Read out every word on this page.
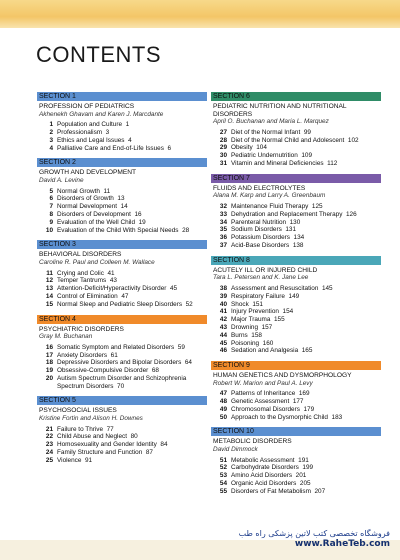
CONTENTS
SECTION 1
PROFESSION OF PEDIATRICS
Akhenekh Ghavam and Karen J. Marcdante
1 Population and Culture 1
2 Professionalism 3
3 Ethics and Legal Issues 4
4 Palliative Care and End-of-Life Issues 6
SECTION 2
GROWTH AND DEVELOPMENT
David A. Levine
5 Normal Growth 11
6 Disorders of Growth 13
7 Normal Development 14
8 Disorders of Development 16
9 Evaluation of the Well Child 19
10 Evaluation of the Child With Special Needs 28
SECTION 3
BEHAVIORAL DISORDERS
Caroline R. Paul and Colleen M. Wallace
11 Crying and Colic 41
12 Temper Tantrums 43
13 Attention-Deficit/Hyperactivity Disorder 45
14 Control of Elimination 47
15 Normal Sleep and Pediatric Sleep Disorders 52
SECTION 4
PSYCHIATRIC DISORDERS
Gray M. Buchanan
16 Somatic Symptom and Related Disorders 59
17 Anxiety Disorders 61
18 Depressive Disorders and Bipolar Disorders 64
19 Obsessive-Compulsive Disorder 68
20 Autism Spectrum Disorder and Schizophrenia Spectrum Disorders 70
SECTION 5
PSYCHOSOCIAL ISSUES
Kristine Fortin and Alison H. Downes
21 Failure to Thrive 77
22 Child Abuse and Neglect 80
23 Homosexuality and Gender Identity 84
24 Family Structure and Function 87
25 Violence 91
SECTION 6
PEDIATRIC NUTRITION AND NUTRITIONAL DISORDERS
April O. Buchanan and Maria L. Marquez
27 Diet of the Normal Infant 99
28 Diet of the Normal Child and Adolescent 102
29 Obesity 104
30 Pediatric Undernutrition 109
31 Vitamin and Mineral Deficiencies 112
SECTION 7
FLUIDS AND ELECTROLYTES
Alana M. Karp and Larry A. Greenbaum
32 Maintenance Fluid Therapy 125
33 Dehydration and Replacement Therapy 126
34 Parenteral Nutrition 130
35 Sodium Disorders 131
36 Potassium Disorders 134
37 Acid-Base Disorders 138
SECTION 8
ACUTELY ILL OR INJURED CHILD
Tara L. Petersen and K. Jane Lee
38 Assessment and Resuscitation 145
39 Respiratory Failure 149
40 Shock 151
41 Injury Prevention 154
42 Major Trauma 155
43 Drowning 157
44 Burns 158
45 Poisoning 160
46 Sedation and Analgesia 165
SECTION 9
HUMAN GENETICS AND DYSMORPHOLOGY
Robert W. Marion and Paul A. Levy
47 Patterns of Inheritance 169
48 Genetic Assessment 177
49 Chromosomal Disorders 179
50 Approach to the Dysmorphic Child 183
SECTION 10
METABOLIC DISORDERS
David Dimmock
51 Metabolic Assessment 191
52 Carbohydrate Disorders 199
53 Amino Acid Disorders 201
54 Organic Acid Disorders 205
55 Disorders of Fat Metabolism 207
فروشگاه تخصصی کتب لاتین پزشکی راه طب
www.RaheTeb.com
